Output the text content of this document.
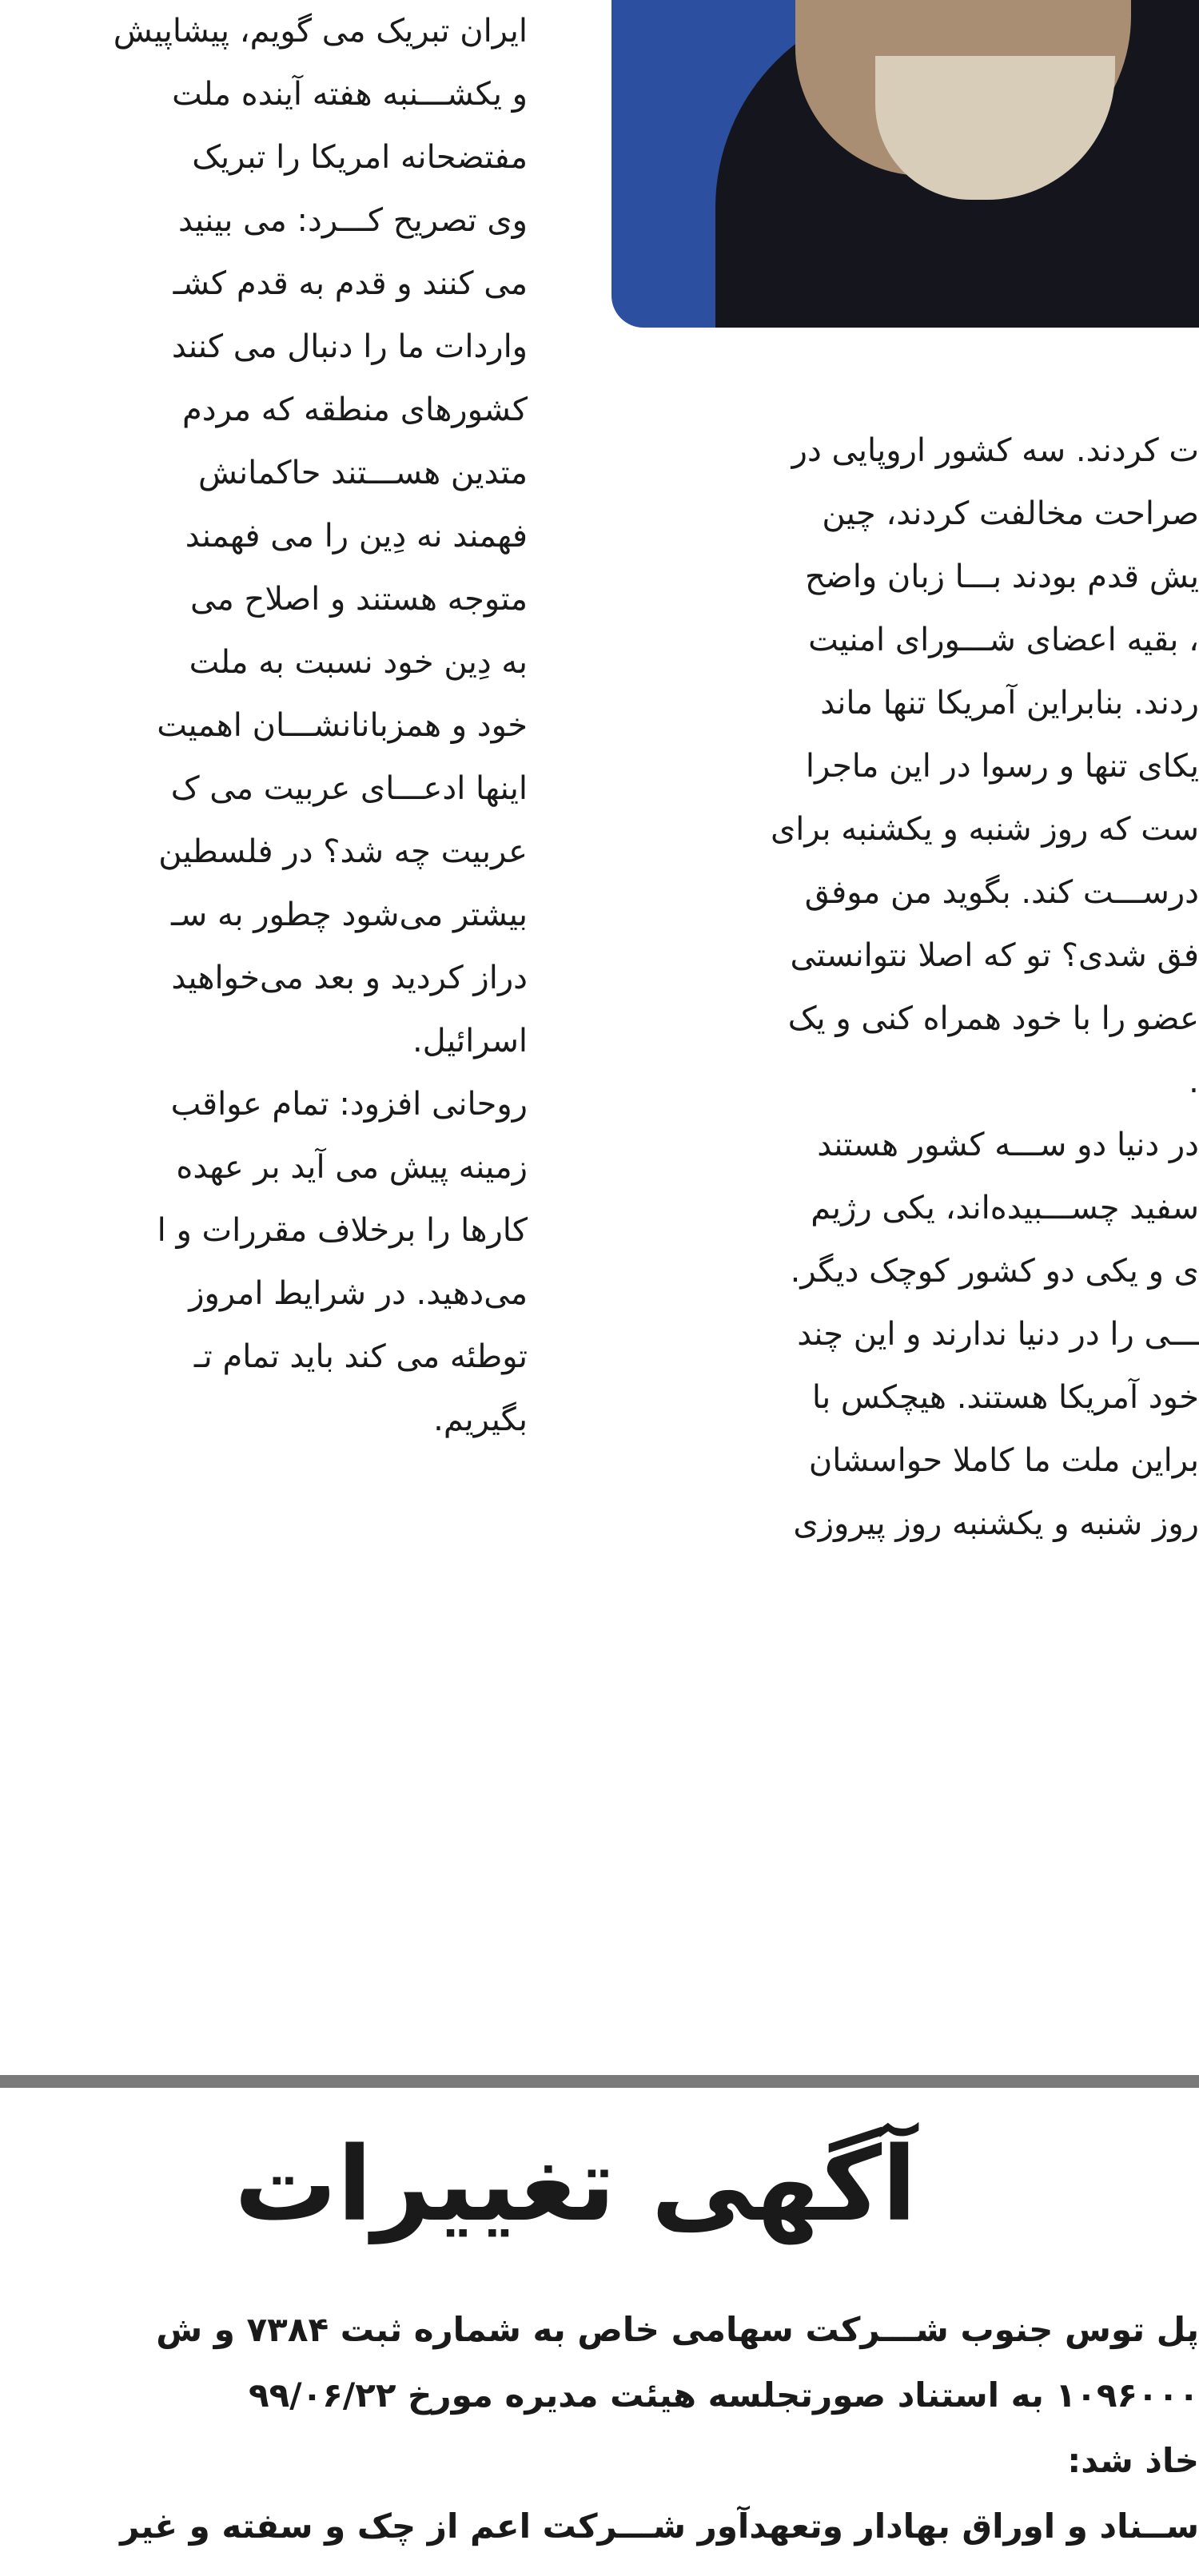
ایران تبریک می گویم، پیشاپیش
و یکشـــنبه هفته آینده ملت
مفتضحانه امریکا را تبریک
وی تصریح کـــرد: می بینید
می کنند و قدم به قدم کشـ
واردات ما را دنبال می کنند
کشورهای منطقه که مردم
متدین هســـتند حاکمانش
فهمند نه دِین را می فهمند
متوجه هستند و اصلاح می
به دِین خود نسبت به ملت
خود و همزبانانشـــان اهمیت
اینها ادعـــای عربیت می ک
عربیت چه شد؟ در فلسطین
بیشتر می‌شود چطور به سـ
دراز کردید و بعد می‌خواهید
اسرائیل.
روحانی افزود: تمام عواقب
زمینه پیش می آید بر عهده
کارها را برخلاف مقررات و ا
می‌دهید. در شرایط امروز
توطئه می کند باید تمام تـ
بگیریم.
ت کردند. سه کشور اروپایی در
صراحت مخالفت کردند، چین
یش قدم بودند بـــا زبان واضح
، بقیه اعضای شـــورای امنیت
ردند. بنابراین آمریکا تنها ماند
یکای تنها و رسوا در این ماجرا
ست که روز شنبه و یکشنبه برای
درســـت کند. بگوید من موفق
فق شدی؟ تو که اصلا نتوانستی
عضو را با خود همراه کنی و یک
.
در دنیا دو ســـه کشور هستند
سفید چســـبیده‌اند، یکی رژیم
ی و یکی دو کشور کوچک دیگر.
ـــی را در دنیا ندارند و این چند
خود آمریکا هستند. هیچکس با
براین ملت ما کاملا حواسشان
روز شنبه و یکشنبه روز پیروزی
آگهی تغییرات
پل توس جنوب شـــرکت سهامی خاص به شماره ثبت ۷۳۸۴ و ش
۱۰۹۶۰۰۰ به استناد صورتجلسه هیئت مدیره مورخ ۹۹/۰۶/۲۲
خاذ شد:
ســناد و اوراق بهادار وتعهدآور شـــرکت اعم از چک و سفته و غیر
